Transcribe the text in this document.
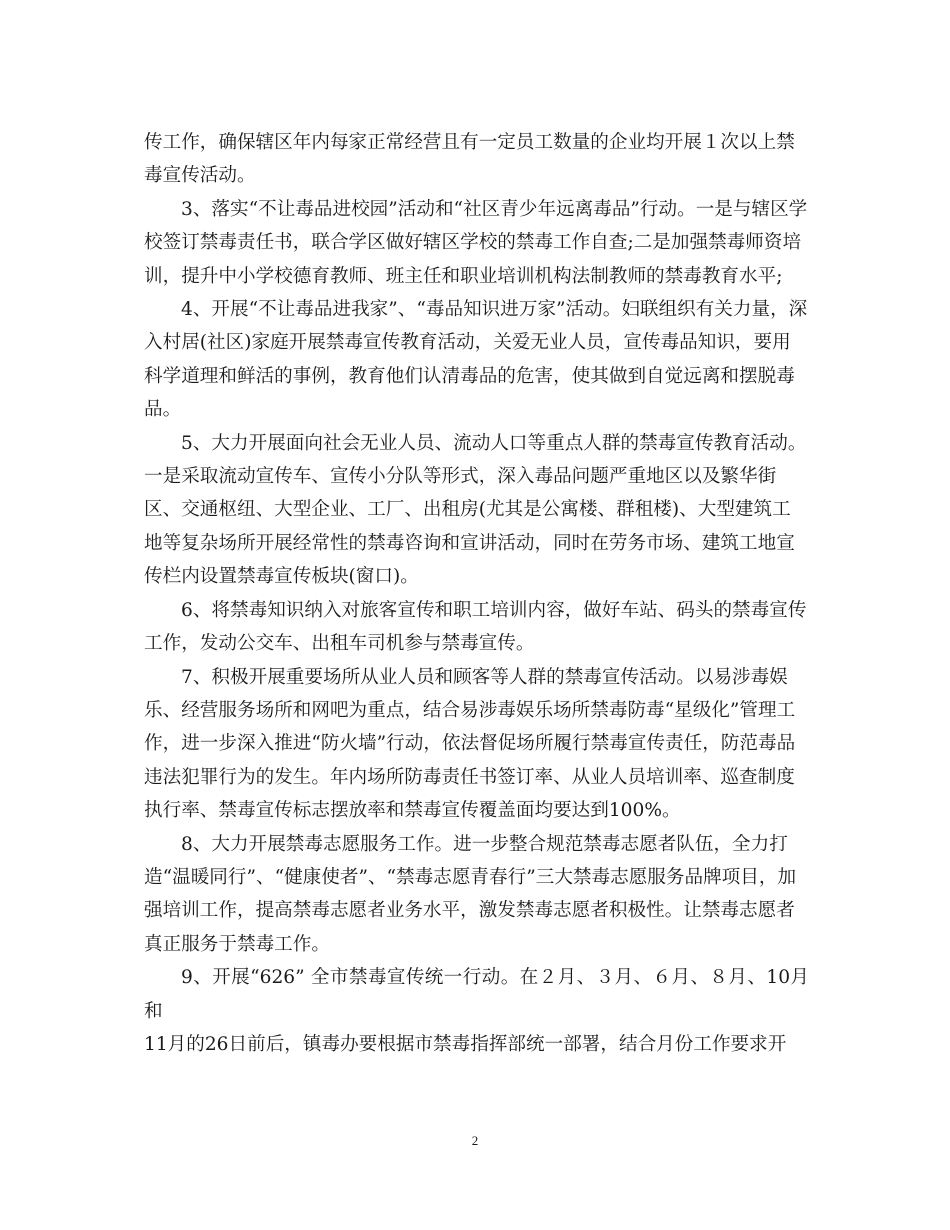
传工作，确保辖区年内每家正常经营且有一定员工数量的企业均开展１次以上禁
毒宣传活动。

3、落实“不让毒品进校园”活动和“社区青少年远离毒品”行动。一是与辖区学
校签订禁毒责任书，联合学区做好辖区学校的禁毒工作自查;二是加强禁毒师资培
训，提升中小学校德育教师、班主任和职业培训机构法制教师的禁毒教育水平;

4、开展“不让毒品进我家”、“毒品知识进万家”活动。妇联组织有关力量，深
入村居(社区)家庭开展禁毒宣传教育活动，关爱无业人员，宣传毒品知识，要用
科学道理和鲜活的事例，教育他们认清毒品的危害，使其做到自觉远离和摆脱毒
品。

5、大力开展面向社会无业人员、流动人口等重点人群的禁毒宣传教育活动。
一是采取流动宣传车、宣传小分队等形式，深入毒品问题严重地区以及繁华街
区、交通枢纽、大型企业、工厂、出租房(尤其是公寓楼、群租楼)、大型建筑工
地等复杂场所开展经常性的禁毒咨询和宣讲活动，同时在劳务市场、建筑工地宣
传栏内设置禁毒宣传板块(窗口)。

6、将禁毒知识纳入对旅客宣传和职工培训内容，做好车站、码头的禁毒宣传
工作，发动公交车、出租车司机参与禁毒宣传。

7、积极开展重要场所从业人员和顾客等人群的禁毒宣传活动。以易涉毒娱
乐、经营服务场所和网吧为重点，结合易涉毒娱乐场所禁毒防毒“星级化”管理工
作，进一步深入推进“防火墙”行动，依法督促场所履行禁毒宣传责任，防范毒品
违法犯罪行为的发生。年内场所防毒责任书签订率、从业人员培训率、巡查制度
执行率、禁毒宣传标志摆放率和禁毒宣传覆盖面均要达到100%。

8、大力开展禁毒志愿服务工作。进一步整合规范禁毒志愿者队伍，全力打
造“温暖同行”、“健康使者”、“禁毒志愿青春行”三大禁毒志愿服务品牌项目，加
强培训工作，提高禁毒志愿者业务水平，激发禁毒志愿者积极性。让禁毒志愿者
真正服务于禁毒工作。

9、开展“626” 全市禁毒宣传统一行动。在２月、３月、６月、８月、10月和
11月的26日前后，镇毒办要根据市禁毒指挥部统一部署，结合月份工作要求开

2
